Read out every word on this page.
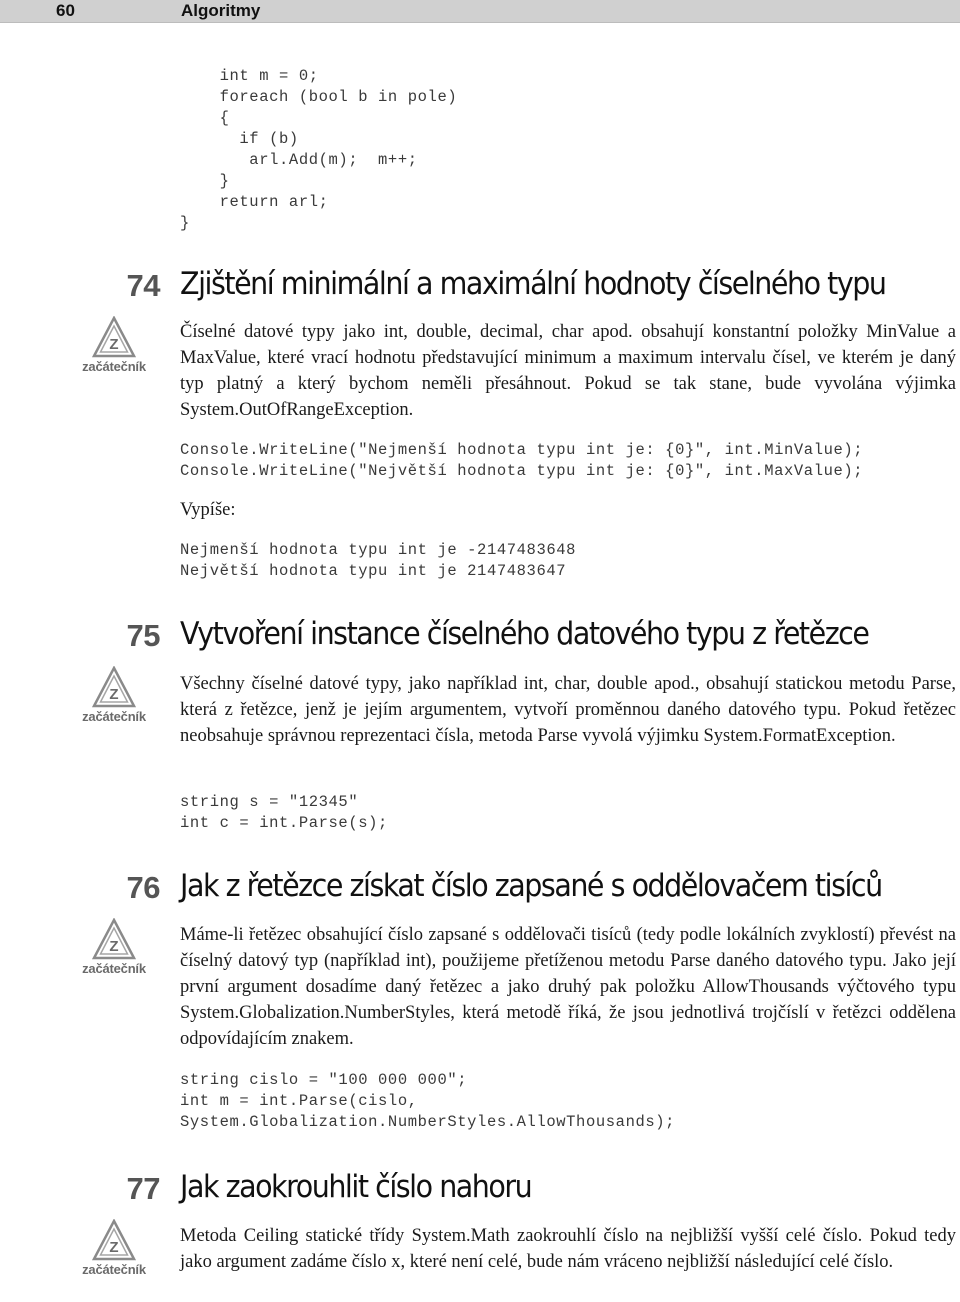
60	Algoritmy
int m = 0;
foreach (bool b in pole)
{
if (b)
arl.Add(m);  m++;
}
return arl;
}
74 Zjištění minimální a maximální hodnoty číselného typu
Z
začátečník
Číselné datové typy jako int, double, decimal, char apod. obsahují konstantní položky MinValue a MaxValue, které vrací hodnotu představující minimum a maximum intervalu čísel, ve kterém je daný typ platný a který bychom neměli přesáhnout. Pokud se tak stane, bude vyvolána výjimka System.OutOfRangeException.
Console.WriteLine("Nejmenší hodnota typu int je: {0}", int.MinValue);
Console.WriteLine("Největší hodnota typu int je: {0}", int.MaxValue);
Vypíše:
Nejmenší hodnota typu int je -2147483648
Největší hodnota typu int je 2147483647
75 Vytvoření instance číselného datového typu z řetězce
Z
začátečník
Všechny číselné datové typy, jako například int, char, double apod., obsahují statickou metodu Parse, která z řetězce, jenž je jejím argumentem, vytvoří proměnnou daného datového typu. Pokud řetězec neobsahuje správnou reprezentaci čísla, metoda Parse vyvolá výjimku System.FormatException.
string s = "12345"
int c = int.Parse(s);
76 Jak z řetězce získat číslo zapsané s oddělovačem tisíců
Z
začátečník
Máme-li řetězec obsahující číslo zapsané s oddělovači tisíců (tedy podle lokálních zvyklostí) převést na číselný datový typ (například int), použijeme přetíženou metodu Parse daného datového typu. Jako její první argument dosadíme daný řetězec a jako druhý pak položku AllowThousands výčtového typu System.Globalization.NumberStyles, která metodě říká, že jsou jednotlivá trojčíslí v řetězci oddělena odpovídajícím znakem.
string cislo = "100 000 000";
int m = int.Parse(cislo,
System.Globalization.NumberStyles.AllowThousands);
77 Jak zaokrouhlit číslo nahoru
Z
začátečník
Metoda Ceiling statické třídy System.Math zaokrouhlí číslo na nejbližší vyšší celé číslo. Pokud tedy jako argument zadáme číslo x, které není celé, bude nám vráceno nejbližší následující celé číslo.
